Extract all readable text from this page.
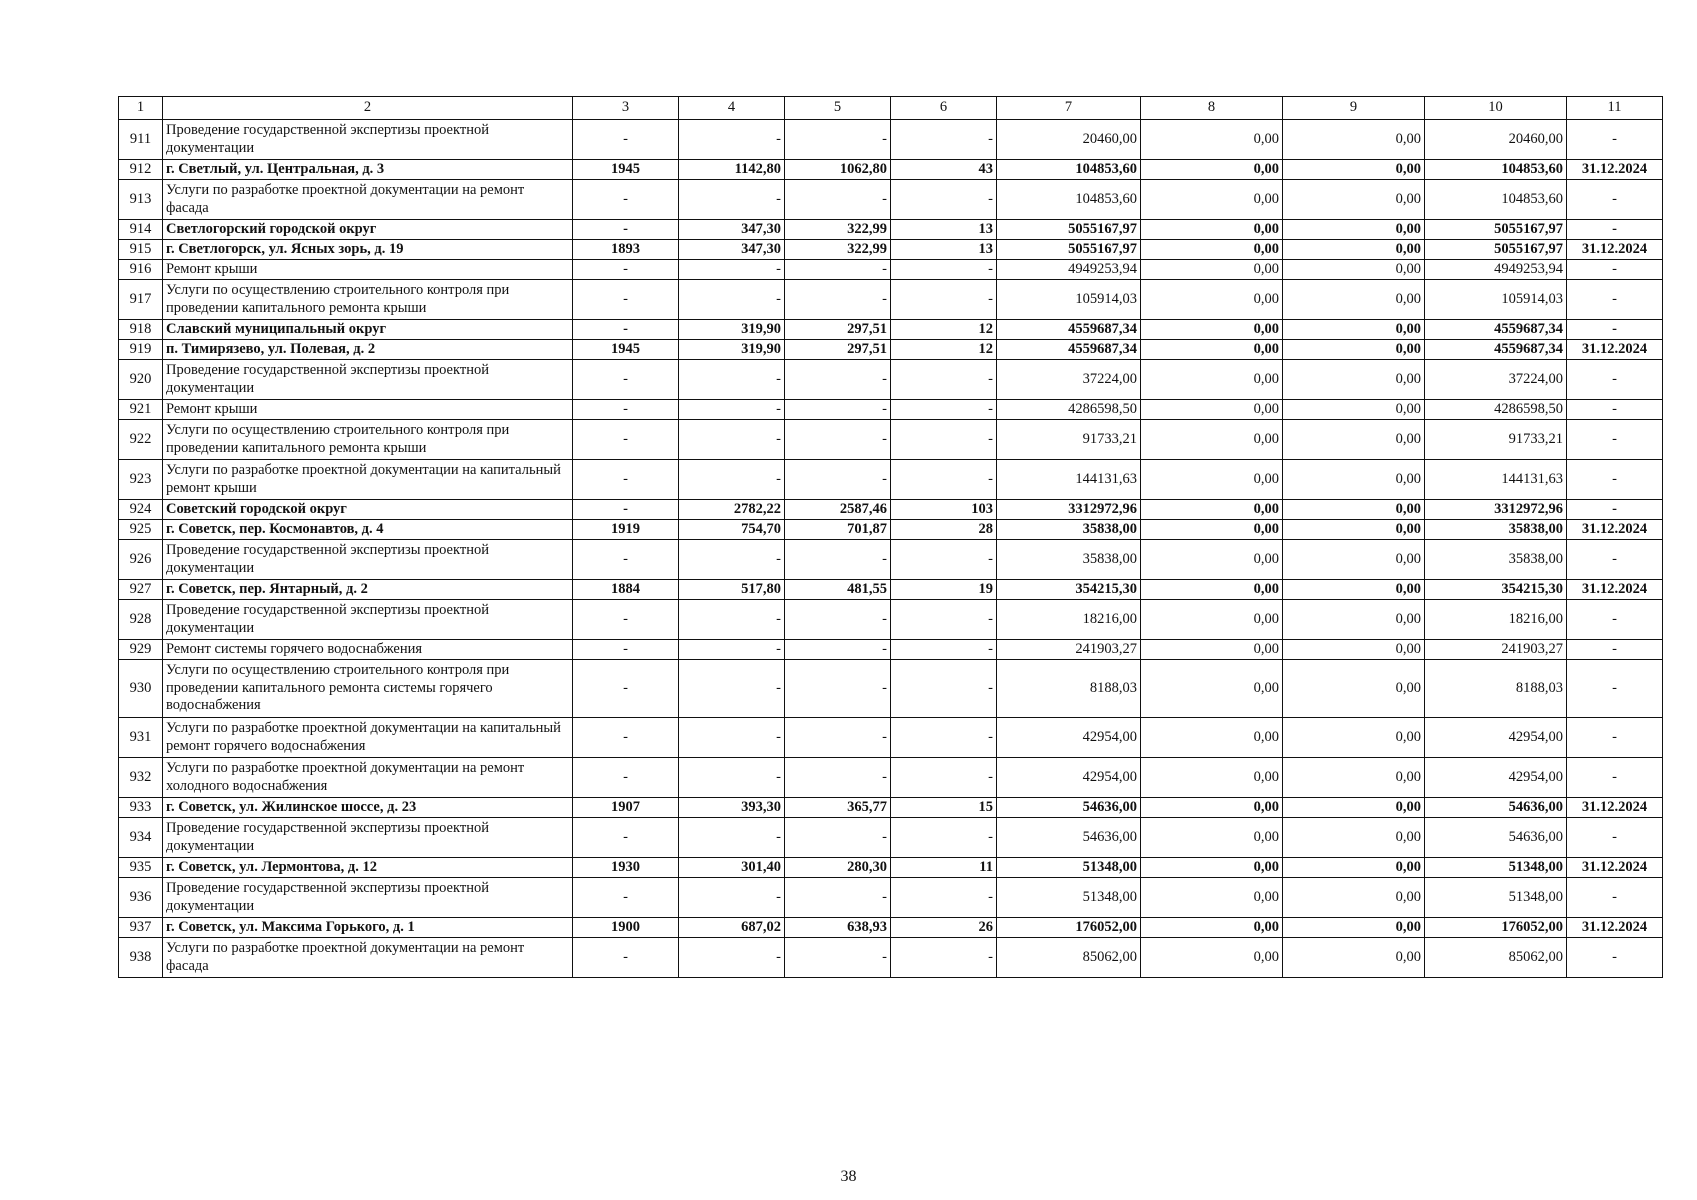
1	2	3	4	5	6	7	8	9	10	11
911	Проведение государственной экспертизы проектной документации	-	-	-	-	20460,00	0,00	0,00	20460,00	-
912	г. Светлый, ул. Центральная, д. 3	1945	1142,80	1062,80	43	104853,60	0,00	0,00	104853,60	31.12.2024
913	Услуги по разработке проектной документации на ремонт фасада	-	-	-	-	104853,60	0,00	0,00	104853,60	-
914	Светлогорский городской округ	-	347,30	322,99	13	5055167,97	0,00	0,00	5055167,97	-
915	г. Светлогорск, ул. Ясных зорь, д. 19	1893	347,30	322,99	13	5055167,97	0,00	0,00	5055167,97	31.12.2024
916	Ремонт крыши	-	-	-	-	4949253,94	0,00	0,00	4949253,94	-
917	Услуги по осуществлению строительного контроля при проведении капитального ремонта крыши	-	-	-	-	105914,03	0,00	0,00	105914,03	-
918	Славский муниципальный округ	-	319,90	297,51	12	4559687,34	0,00	0,00	4559687,34	-
919	п. Тимирязево, ул. Полевая, д. 2	1945	319,90	297,51	12	4559687,34	0,00	0,00	4559687,34	31.12.2024
920	Проведение государственной экспертизы проектной документации	-	-	-	-	37224,00	0,00	0,00	37224,00	-
921	Ремонт крыши	-	-	-	-	4286598,50	0,00	0,00	4286598,50	-
922	Услуги по осуществлению строительного контроля при проведении капитального ремонта крыши	-	-	-	-	91733,21	0,00	0,00	91733,21	-
923	Услуги по разработке проектной документации на капитальный ремонт крыши	-	-	-	-	144131,63	0,00	0,00	144131,63	-
924	Советский городской округ	-	2782,22	2587,46	103	3312972,96	0,00	0,00	3312972,96	-
925	г. Советск, пер. Космонавтов, д. 4	1919	754,70	701,87	28	35838,00	0,00	0,00	35838,00	31.12.2024
926	Проведение государственной экспертизы проектной документации	-	-	-	-	35838,00	0,00	0,00	35838,00	-
927	г. Советск, пер. Янтарный, д. 2	1884	517,80	481,55	19	354215,30	0,00	0,00	354215,30	31.12.2024
928	Проведение государственной экспертизы проектной документации	-	-	-	-	18216,00	0,00	0,00	18216,00	-
929	Ремонт системы горячего водоснабжения	-	-	-	-	241903,27	0,00	0,00	241903,27	-
930	Услуги по осуществлению строительного контроля при проведении капитального ремонта системы горячего водоснабжения	-	-	-	-	8188,03	0,00	0,00	8188,03	-
931	Услуги по разработке проектной документации на капитальный ремонт горячего водоснабжения	-	-	-	-	42954,00	0,00	0,00	42954,00	-
932	Услуги по разработке проектной документации на ремонт холодного водоснабжения	-	-	-	-	42954,00	0,00	0,00	42954,00	-
933	г. Советск, ул. Жилинское шоссе, д. 23	1907	393,30	365,77	15	54636,00	0,00	0,00	54636,00	31.12.2024
934	Проведение государственной экспертизы проектной документации	-	-	-	-	54636,00	0,00	0,00	54636,00	-
935	г. Советск, ул. Лермонтова, д. 12	1930	301,40	280,30	11	51348,00	0,00	0,00	51348,00	31.12.2024
936	Проведение государственной экспертизы проектной документации	-	-	-	-	51348,00	0,00	0,00	51348,00	-
937	г. Советск, ул. Максима Горького, д. 1	1900	687,02	638,93	26	176052,00	0,00	0,00	176052,00	31.12.2024
938	Услуги по разработке проектной документации на ремонт фасада	-	-	-	-	85062,00	0,00	0,00	85062,00	-
38
